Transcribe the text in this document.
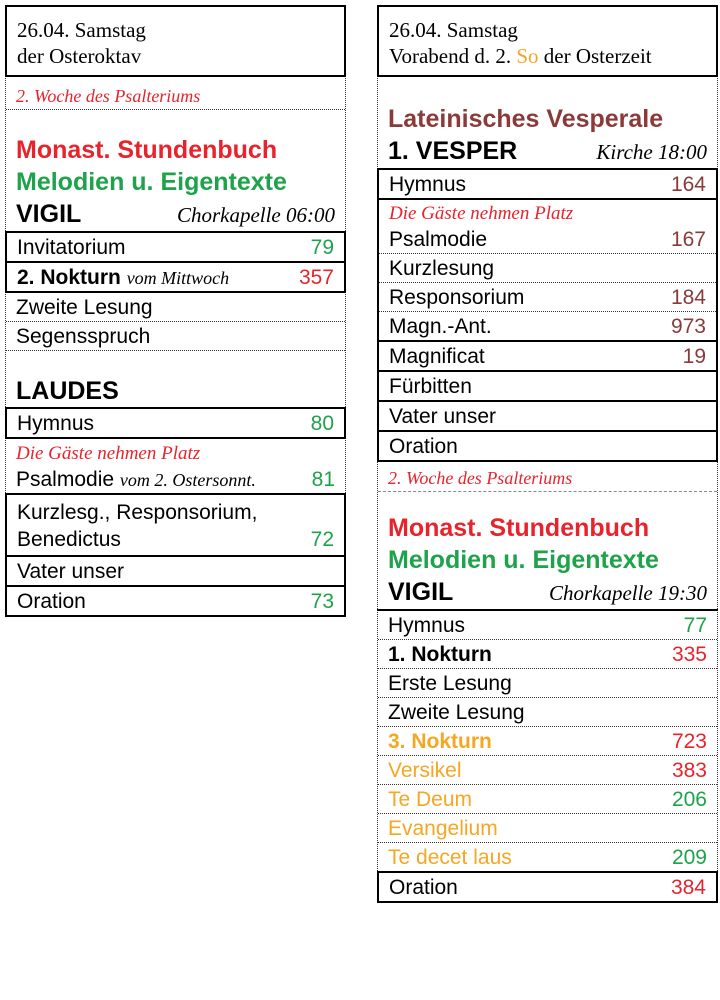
26.04. Samstag
der Osteroktav
2. Woche des Psalteriums
Monast. Stundenbuch
Melodien u. Eigentexte
VIGIL	Chorkapelle 06:00
Invitatorium	79
2. Nokturn vom Mittwoch	357
Zweite Lesung
Segensspruch
LAUDES
Hymnus	80
Die Gäste nehmen Platz
Psalmodie vom 2. Ostersonnt.	81
Kurzlesg., Responsorium,
Benedictus	72
Vater unser
Oration	73
26.04. Samstag
Vorabend d. 2. So der Osterzeit
Lateinisches Vesperale
1. VESPER	Kirche 18:00
Hymnus	164
Die Gäste nehmen Platz
Psalmodie	167
Kurzlesung
Responsorium	184
Magn.-Ant.	973
Magnificat	19
Fürbitten
Vater unser
Oration
2. Woche des Psalteriums
Monast. Stundenbuch
Melodien u. Eigentexte
VIGIL	Chorkapelle 19:30
Hymnus	77
1. Nokturn	335
Erste Lesung
Zweite Lesung
3. Nokturn	723
Versikel	383
Te Deum	206
Evangelium
Te decet laus	209
Oration	384
